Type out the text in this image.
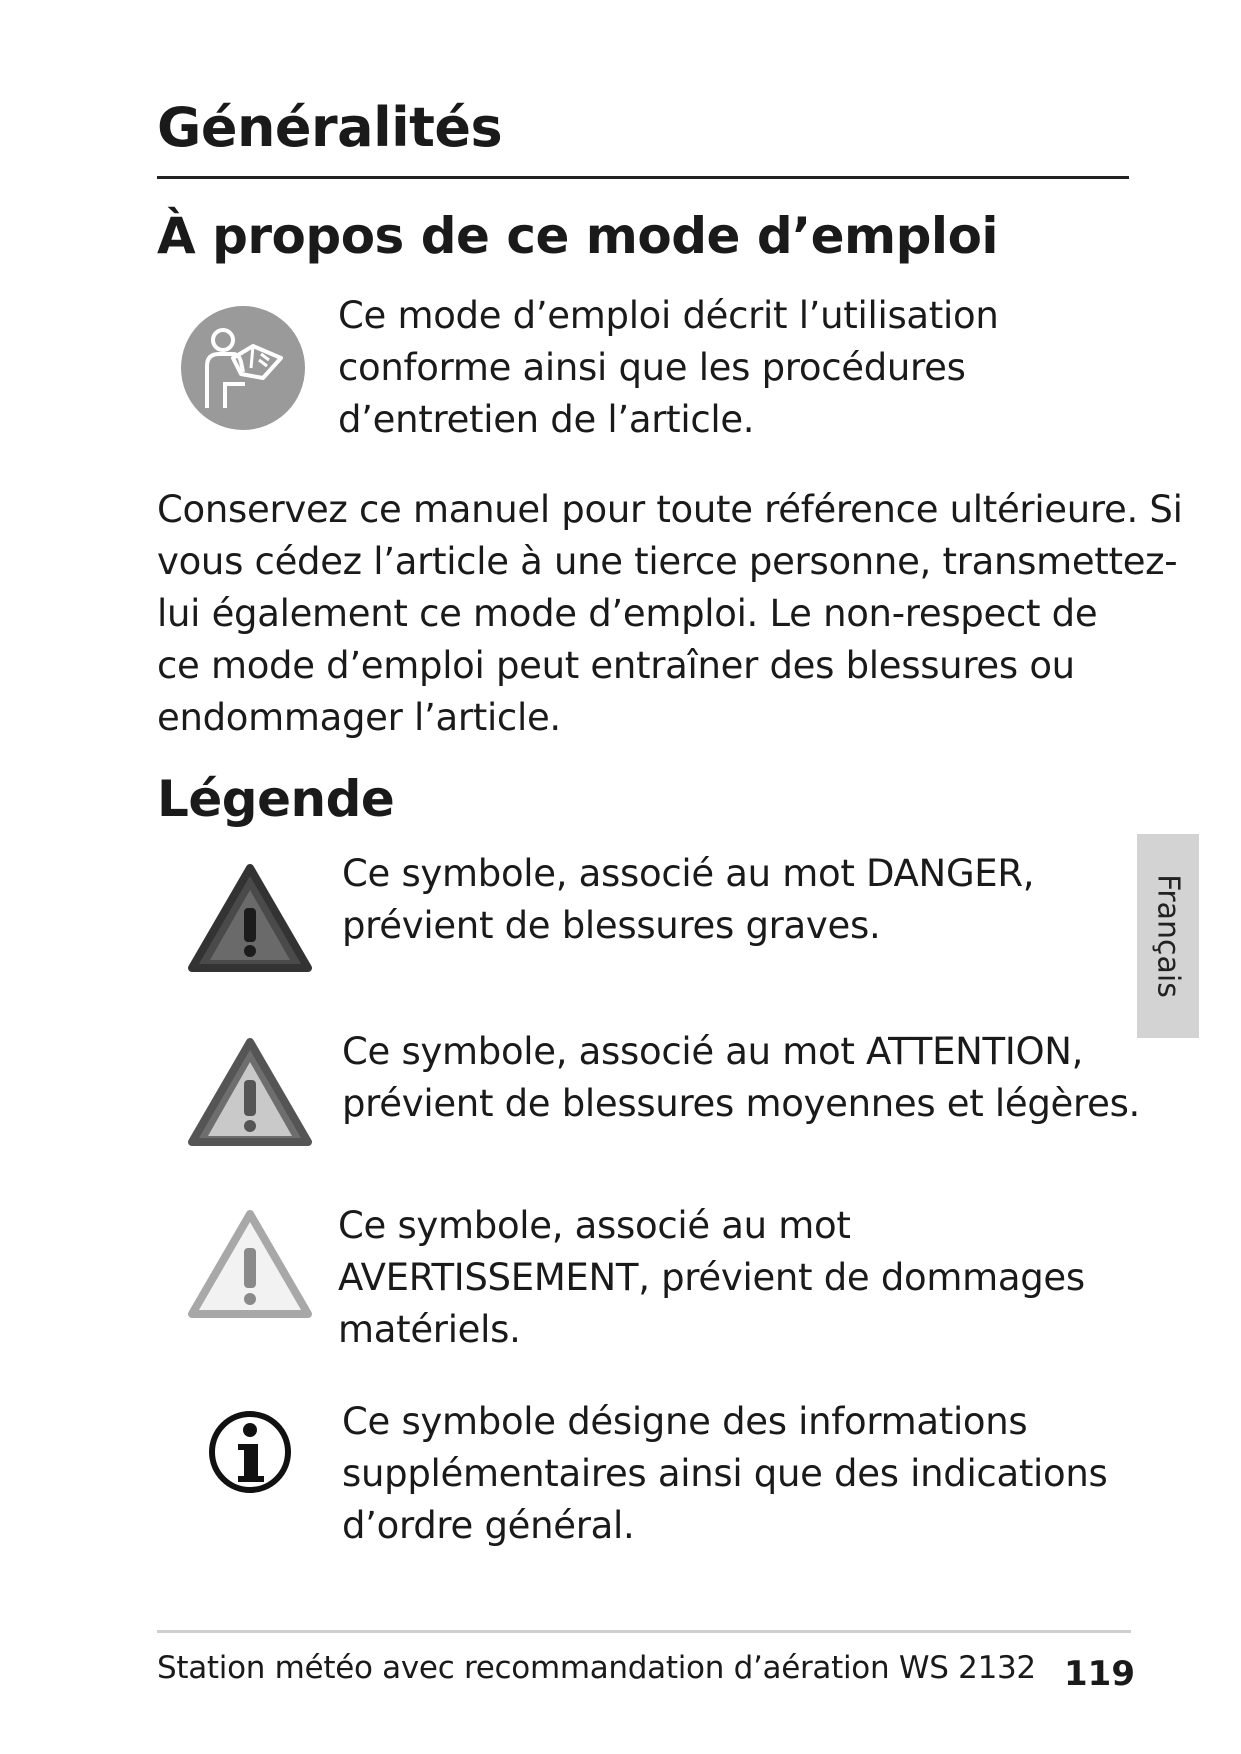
Généralités
À propos de ce mode d’emploi
Ce mode d’emploi décrit l’utilisation
conforme ainsi que les procédures
d’entretien de l’article.
Conservez ce manuel pour toute référence ultérieure. Si
vous cédez l’article à une tierce personne, transmettez-
lui également ce mode d’emploi. Le non-respect de
ce mode d’emploi peut entraîner des blessures ou
endommager l’article.
Légende
Ce symbole, associé au mot DANGER,
prévient de blessures graves.
Ce symbole, associé au mot ATTENTION,
prévient de blessures moyennes et légères.
Ce symbole, associé au mot
AVERTISSEMENT, prévient de dommages
matériels.
Ce symbole désigne des informations
supplémentaires ainsi que des indications
d’ordre général.
Français
Station météo avec recommandation d’aération WS 2132 119
